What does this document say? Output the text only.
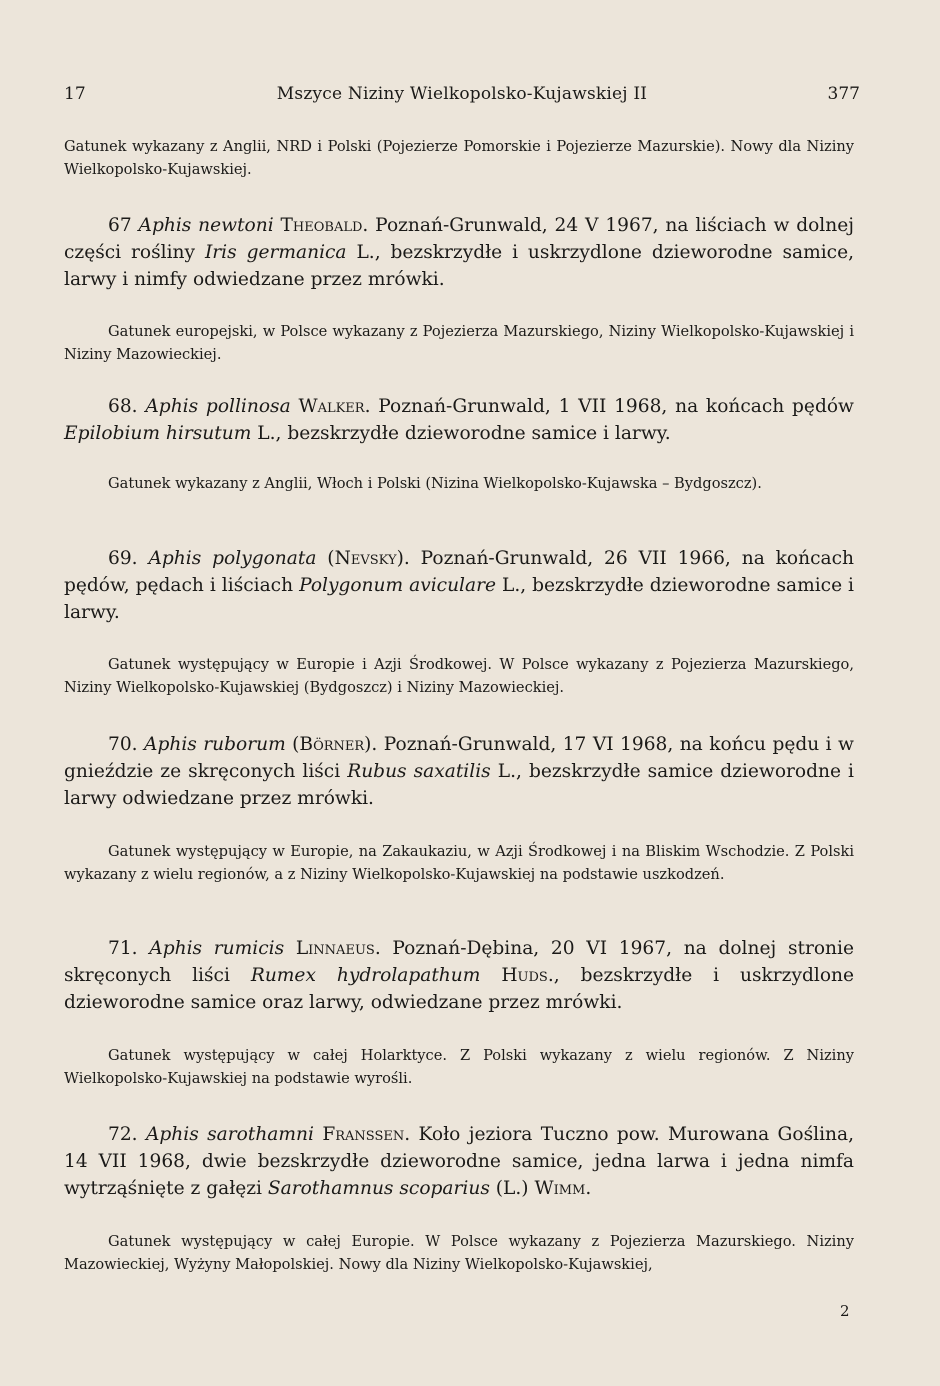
17	Mszyce Niziny Wielkopolsko-Kujawskiej II	377

Gatunek wykazany z Anglii, NRD i Polski (Pojezierze Pomorskie i Pojezierze Mazurskie). Nowy dla Niziny Wielkopolsko-Kujawskiej.

67 Aphis newtoni Theobald. Poznań-Grunwald, 24 V 1967, na liściach w dolnej części rośliny Iris germanica L., bezskrzydłe i uskrzydlone dzieworodne samice, larwy i nimfy odwiedzane przez mrówki.

Gatunek europejski, w Polsce wykazany z Pojezierza Mazurskiego, Niziny Wielkopolsko-Kujawskiej i Niziny Mazowieckiej.

68. Aphis pollinosa Walker. Poznań-Grunwald, 1 VII 1968, na końcach pędów Epilobium hirsutum L., bezskrzydłe dzieworodne samice i larwy.

Gatunek wykazany z Anglii, Włoch i Polski (Nizina Wielkopolsko-Kujawska – Bydgoszcz).

69. Aphis polygonata (Nevsky). Poznań-Grunwald, 26 VII 1966, na końcach pędów, pędach i liściach Polygonum aviculare L., bezskrzydłe dzieworodne samice i larwy.

Gatunek występujący w Europie i Azji Środkowej. W Polsce wykazany z Pojezierza Mazurskiego, Niziny Wielkopolsko-Kujawskiej (Bydgoszcz) i Niziny Mazowieckiej.

70. Aphis ruborum (Börner). Poznań-Grunwald, 17 VI 1968, na końcu pędu i w gnieździe ze skręconych liści Rubus saxatilis L., bezskrzydłe samice dzieworodne i larwy odwiedzane przez mrówki.

Gatunek występujący w Europie, na Zakaukaziu, w Azji Środkowej i na Bliskim Wschodzie. Z Polski wykazany z wielu regionów, a z Niziny Wielkopolsko-Kujawskiej na podstawie uszkodzeń.

71. Aphis rumicis Linnaeus. Poznań-Dębina, 20 VI 1967, na dolnej stronie skręconych liści Rumex hydrolapathum Huds., bezskrzydłe i uskrzydlone dzieworodne samice oraz larwy, odwiedzane przez mrówki.

Gatunek występujący w całej Holarktyce. Z Polski wykazany z wielu regionów. Z Niziny Wielkopolsko-Kujawskiej na podstawie wyrośli.

72. Aphis sarothamni Franssen. Koło jeziora Tuczno pow. Murowana Goślina, 14 VII 1968, dwie bezskrzydłe dzieworodne samice, jedna larwa i jedna nimfa wytrząśnięte z gałęzi Sarothamnus scoparius (L.) Wimm.

Gatunek występujący w całej Europie. W Polsce wykazany z Pojezierza Mazurskiego. Niziny Mazowieckiej, Wyżyny Małopolskiej. Nowy dla Niziny Wielkopolsko-Kujawskiej,

2
